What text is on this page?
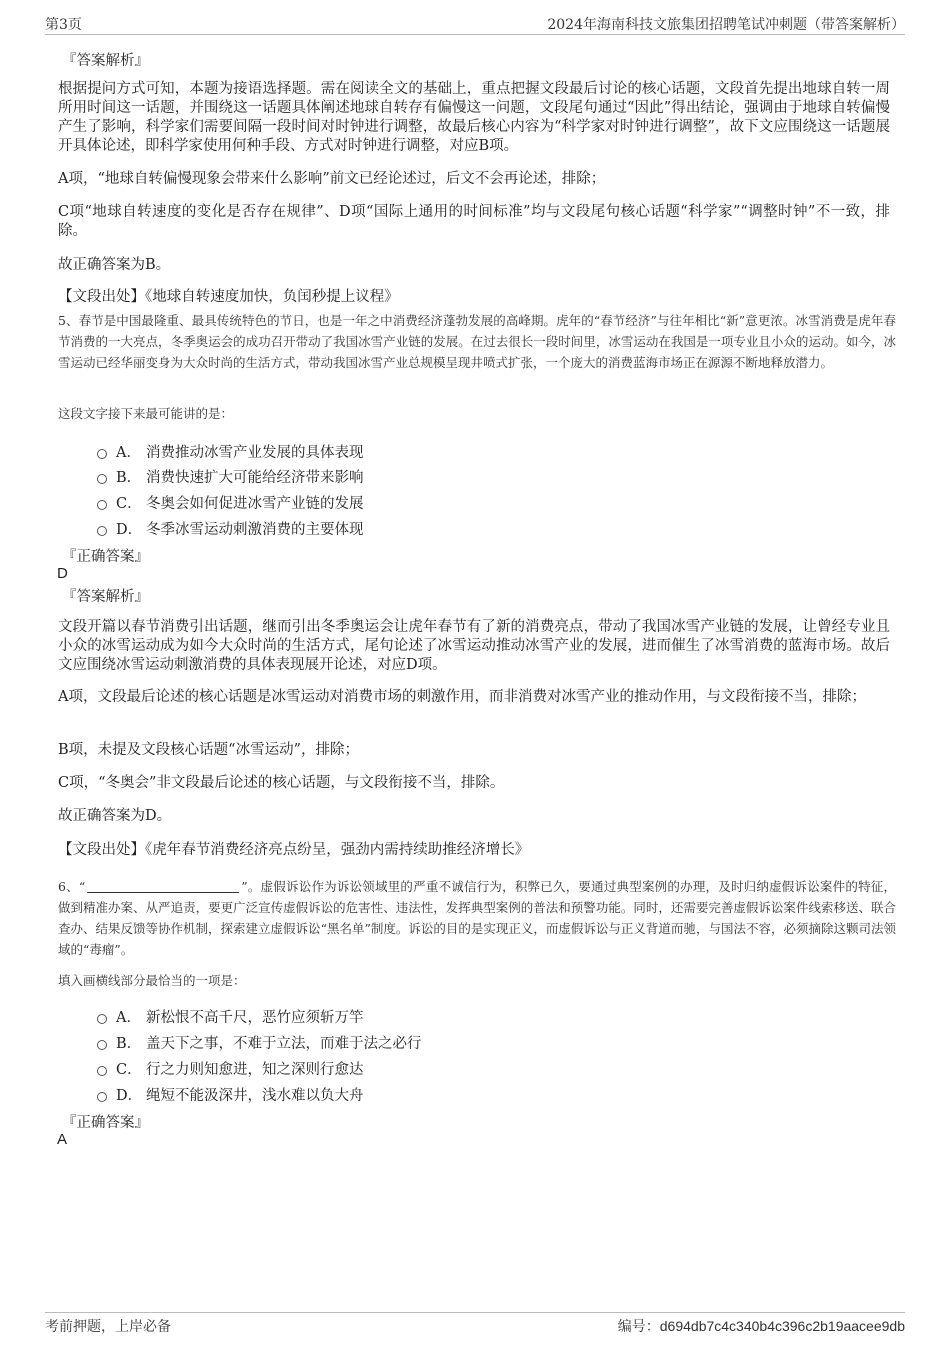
第3页	2024年海南科技文旅集团招聘笔试冲刺题（带答案解析）
『答案解析』
根据提问方式可知，本题为接语选择题。需在阅读全文的基础上，重点把握文段最后讨论的核心话题，文段首先提出地球自转一周所用时间这一话题，并围绕这一话题具体阐述地球自转存有偏慢这一问题，文段尾句通过“因此”得出结论，强调由于地球自转偏慢产生了影响，科学家们需要间隔一段时间对时钟进行调整，故最后核心内容为“科学家对时钟进行调整”，故下文应围绕这一话题展开具体论述，即科学家使用何种手段、方式对时钟进行调整，对应B项。
A项，“地球自转偏慢现象会带来什么影响”前文已经论述过，后文不会再论述，排除；
C项“地球自转速度的变化是否存在规律”、D项“国际上通用的时间标准”均与文段尾句核心话题“科学家”“调整时钟”不一致，排除。
故正确答案为B。
【文段出处】《地球自转速度加快，负闰秒提上议程》
5、春节是中国最隆重、最具传统特色的节日，也是一年之中消费经济蓬勃发展的高峰期。虎年的“春节经济”与往年相比“新”意更浓。冰雪消费是虎年春节消费的一大亮点，冬季奥运会的成功召开带动了我国冰雪产业链的发展。在过去很长一段时间里，冰雪运动在我国是一项专业且小众的运动。如今，冰雪运动已经华丽变身为大众时尚的生活方式，带动我国冰雪产业总规模呈现井喷式扩张，一个庞大的消费蓝海市场正在源源不断地释放潜力。
这段文字接下来最可能讲的是：
A． 消费推动冰雪产业发展的具体表现
B． 消费快速扩大可能给经济带来影响
C． 冬奥会如何促进冰雪产业链的发展
D． 冬季冰雪运动刺激消费的主要体现
『正确答案』
D
『答案解析』
文段开篇以春节消费引出话题，继而引出冬季奥运会让虎年春节有了新的消费亮点，带动了我国冰雪产业链的发展，让曾经专业且小众的冰雪运动成为如今大众时尚的生活方式，尾句论述了冰雪运动推动冰雪产业的发展，进而催生了冰雪消费的蓝海市场。故后文应围绕冰雪运动刺激消费的具体表现展开论述，对应D项。
A项，文段最后论述的核心话题是冰雪运动对消费市场的刺激作用，而非消费对冰雪产业的推动作用，与文段衔接不当，排除；
B项，未提及文段核心话题“冰雪运动”，排除；
C项，“冬奥会”非文段最后论述的核心话题，与文段衔接不当，排除。
故正确答案为D。
【文段出处】《虎年春节消费经济亮点纷呈，强劲内需持续助推经济增长》
6、“	”。虚假诉讼作为诉讼领域里的严重不诚信行为，积弊已久，要通过典型案例的办理，及时归纳虚假诉讼案件的特征，做到精准办案、从严追责，要更广泛宣传虚假诉讼的危害性、违法性，发挥典型案例的普法和预警功能。同时，还需要完善虚假诉讼案件线索移送、联合查办、结果反馈等协作机制，探索建立虚假诉讼“黑名单”制度。诉讼的目的是实现正义，而虚假诉讼与正义背道而驰，与国法不容，必须摘除这颗司法领域的“毒瘤”。
填入画横线部分最恰当的一项是：
A． 新松恨不高千尺，恶竹应须斩万竿
B． 盖天下之事，不难于立法，而难于法之必行
C． 行之力则知愈进，知之深则行愈达
D． 绳短不能汲深井，浅水难以负大舟
『正确答案』
A
考前押题，上岸必备	编号：d694db7c4c340b4c396c2b19aacee9db
